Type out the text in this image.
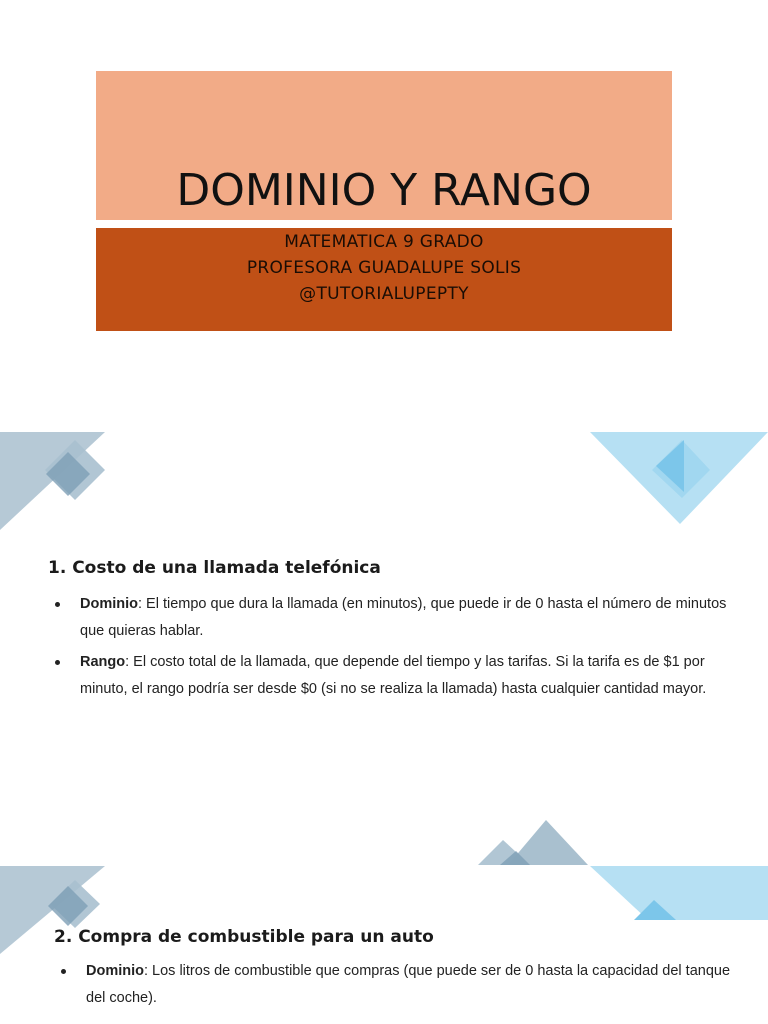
DOMINIO Y RANGO
MATEMATICA 9 GRADO
PROFESORA GUADALUPE SOLIS
@TUTORIALUPEPTY
1. Costo de una llamada telefónica
Dominio: El tiempo que dura la llamada (en minutos), que puede ir de 0 hasta el número de minutos que quieras hablar.
Rango: El costo total de la llamada, que depende del tiempo y las tarifas. Si la tarifa es de $1 por minuto, el rango podría ser desde $0 (si no se realiza la llamada) hasta cualquier cantidad mayor.
2. Compra de combustible para un auto
Dominio: Los litros de combustible que compras (que puede ser de 0 hasta la capacidad del tanque del coche).
